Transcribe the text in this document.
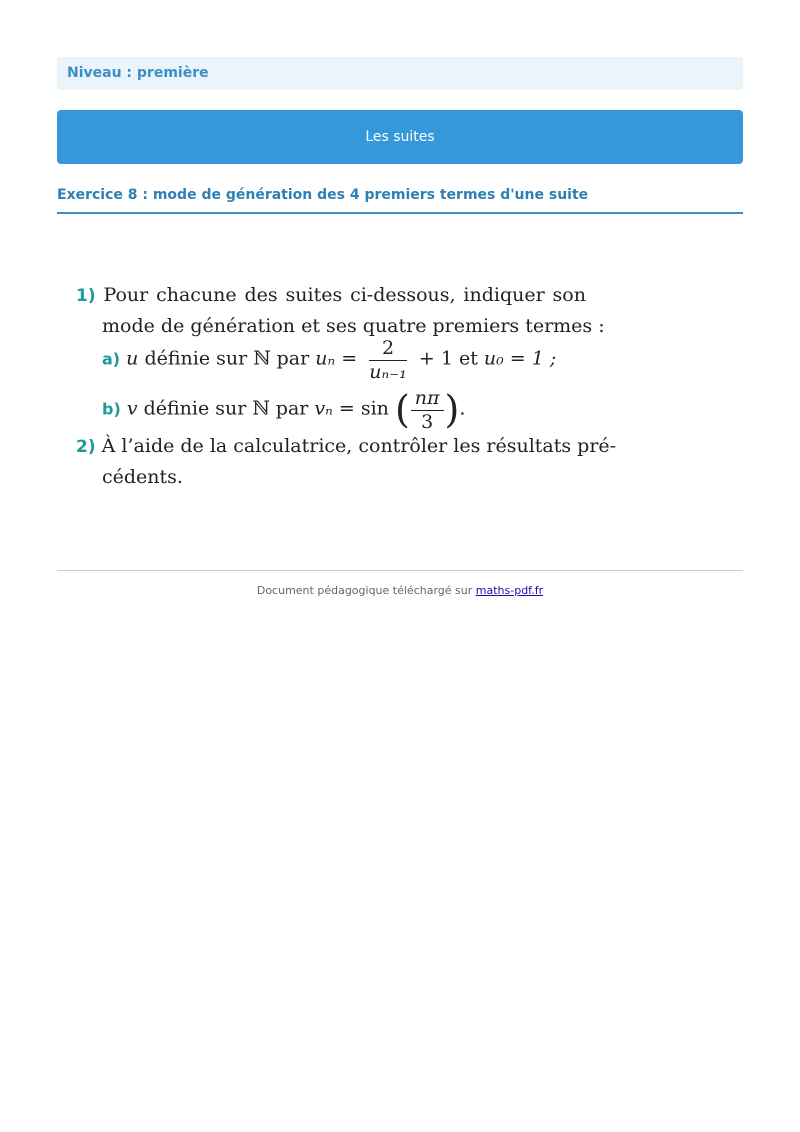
Niveau : première
Les suites
Exercice 8 : mode de génération des 4 premiers termes d'une suite
1) Pour chacune des suites ci-dessous, indiquer son
mode de génération et ses quatre premiers termes :
a) u définie sur ℕ par $u_n = \frac{2}{\text{uₙ₋₁}} + 1$ et u₀ = 1 ;
b) v définie sur ℕ par vₙ = sin ( $\frac{n\pi}{3}$ ).
2) À l’aide de la calculatrice, contrôler les résultats pré-
cédents.
Document pédagogique téléchargé sur maths-pdf.fr
